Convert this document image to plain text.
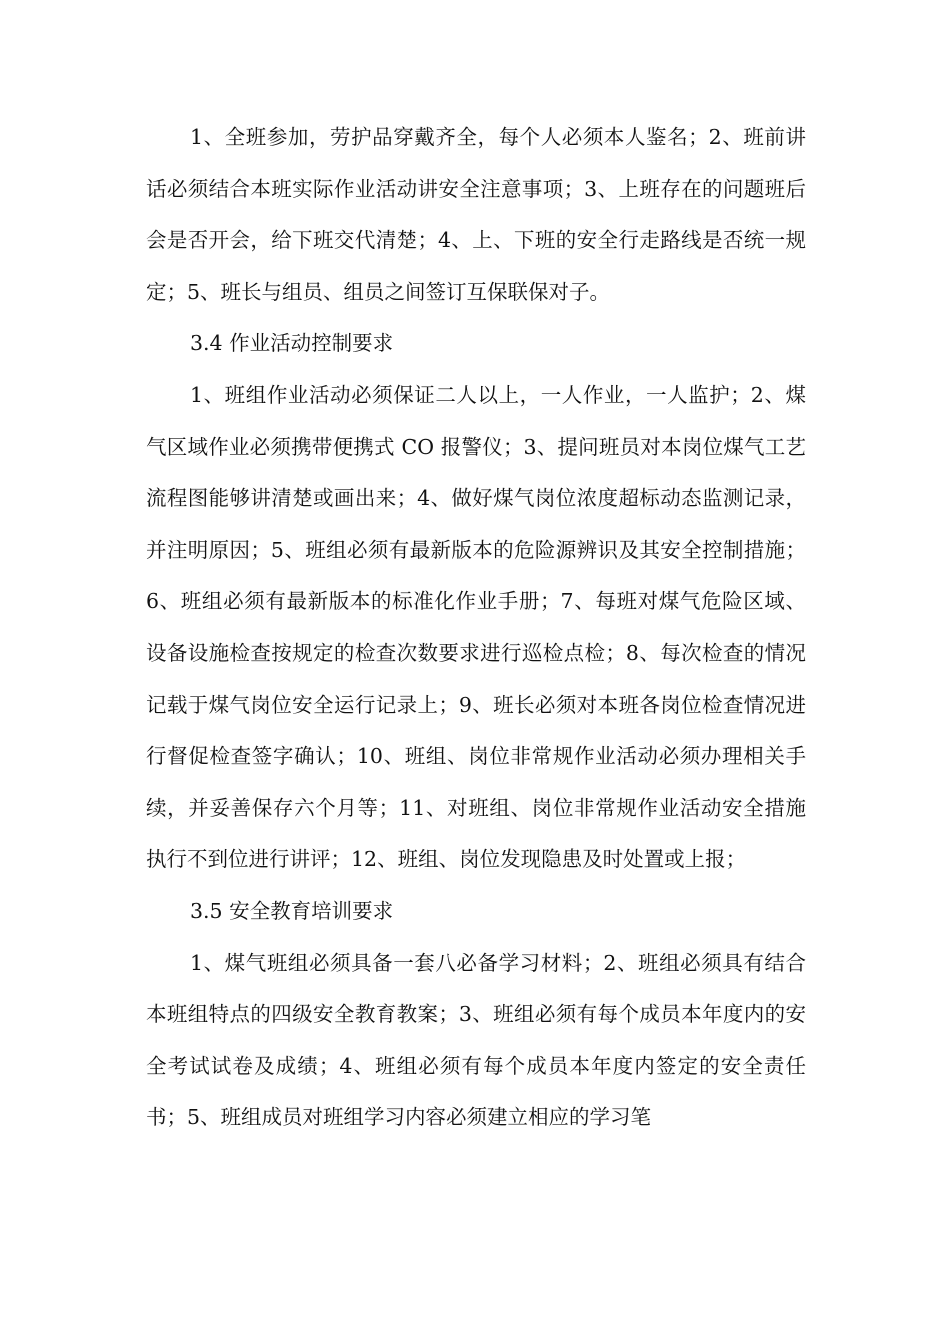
1、全班参加，劳护品穿戴齐全，每个人必须本人鉴名；2、班前讲话必须结合本班实际作业活动讲安全注意事项；3、上班存在的问题班后会是否开会，给下班交代清楚；4、上、下班的安全行走路线是否统一规定；5、班长与组员、组员之间签订互保联保对子。

3.4 作业活动控制要求

1、班组作业活动必须保证二人以上，一人作业，一人监护；2、煤气区域作业必须携带便携式 CO 报警仪；3、提问班员对本岗位煤气工艺流程图能够讲清楚或画出来；4、做好煤气岗位浓度超标动态监测记录，并注明原因；5、班组必须有最新版本的危险源辨识及其安全控制措施；6、班组必须有最新版本的标准化作业手册；7、每班对煤气危险区域、设备设施检查按规定的检查次数要求进行巡检点检；8、每次检查的情况记载于煤气岗位安全运行记录上；9、班长必须对本班各岗位检查情况进行督促检查签字确认；10、班组、岗位非常规作业活动必须办理相关手续，并妥善保存六个月等；11、对班组、岗位非常规作业活动安全措施执行不到位进行讲评；12、班组、岗位发现隐患及时处置或上报；

3.5 安全教育培训要求

1、煤气班组必须具备一套八必备学习材料；2、班组必须具有结合本班组特点的四级安全教育教案；3、班组必须有每个成员本年度内的安全考试试卷及成绩；4、班组必须有每个成员本年度内签定的安全责任书；5、班组成员对班组学习内容必须建立相应的学习笔
